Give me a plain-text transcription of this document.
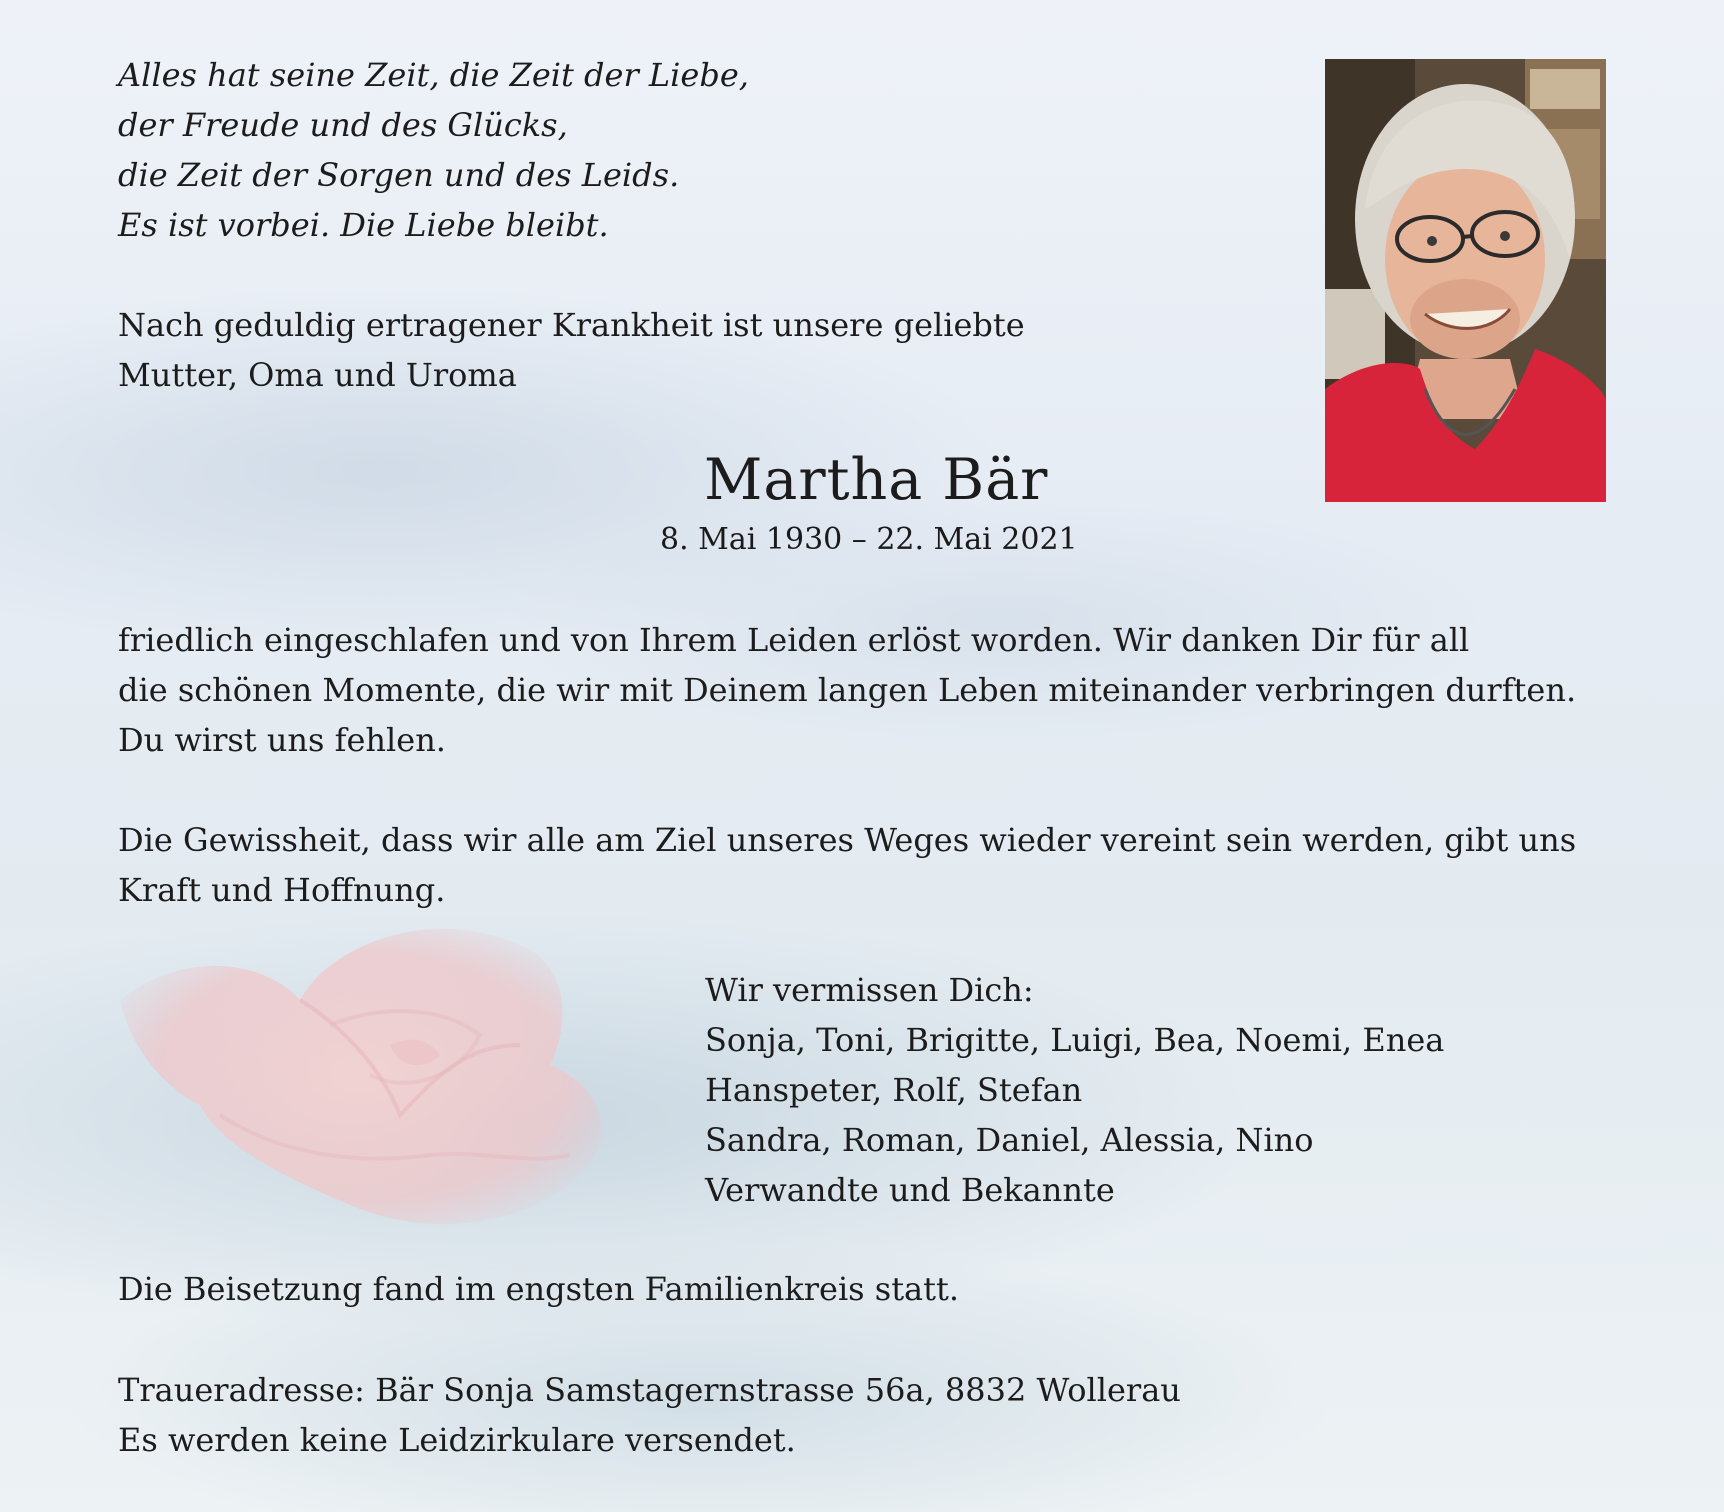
Alles hat seine Zeit, die Zeit der Liebe,
der Freude und des Glücks,
die Zeit der Sorgen und des Leids.
Es ist vorbei. Die Liebe bleibt.
Nach geduldig ertragener Krankheit ist unsere geliebte
Mutter, Oma und Uroma
Martha Bär
8. Mai 1930 – 22. Mai 2021
friedlich eingeschlafen und von Ihrem Leiden erlöst worden. Wir danken Dir für all
die schönen Momente, die wir mit Deinem langen Leben miteinander verbringen durften.
Du wirst uns fehlen.
Die Gewissheit, dass wir alle am Ziel unseres Weges wieder vereint sein werden, gibt uns
Kraft und Hoffnung.
Wir vermissen Dich:
Sonja, Toni, Brigitte, Luigi, Bea, Noemi, Enea
Hanspeter, Rolf, Stefan
Sandra, Roman, Daniel, Alessia, Nino
Verwandte und Bekannte
Die Beisetzung fand im engsten Familienkreis statt.
Traueradresse: Bär Sonja Samstagernstrasse 56a, 8832 Wollerau
Es werden keine Leidzirkulare versendet.
